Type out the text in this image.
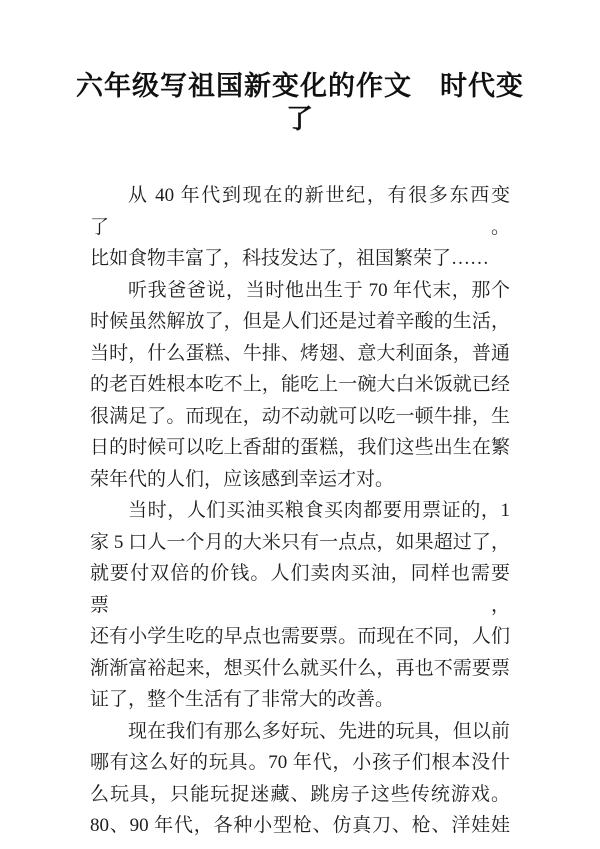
六年级写祖国新变化的作文　时代变
了
从 40 年代到现在的新世纪，有很多东西变了。
比如食物丰富了，科技发达了，祖国繁荣了……
听我爸爸说，当时他出生于 70 年代末，那个
时候虽然解放了，但是人们还是过着辛酸的生活，
当时，什么蛋糕、牛排、烤翅、意大利面条，普通
的老百姓根本吃不上，能吃上一碗大白米饭就已经
很满足了。而现在，动不动就可以吃一顿牛排，生
日的时候可以吃上香甜的蛋糕，我们这些出生在繁
荣年代的人们，应该感到幸运才对。
当时，人们买油买粮食买肉都要用票证的，1
家 5 口人一个月的大米只有一点点，如果超过了，
就要付双倍的价钱。人们卖肉买油，同样也需要票，
还有小学生吃的早点也需要票。而现在不同，人们
渐渐富裕起来，想买什么就买什么，再也不需要票
证了，整个生活有了非常大的改善。
现在我们有那么多好玩、先进的玩具，但以前
哪有这么好的玩具。70 年代，小孩子们根本没什
么玩具，只能玩捉迷藏、跳房子这些传统游戏。
80、90 年代，各种小型枪、仿真刀、枪、洋娃娃
